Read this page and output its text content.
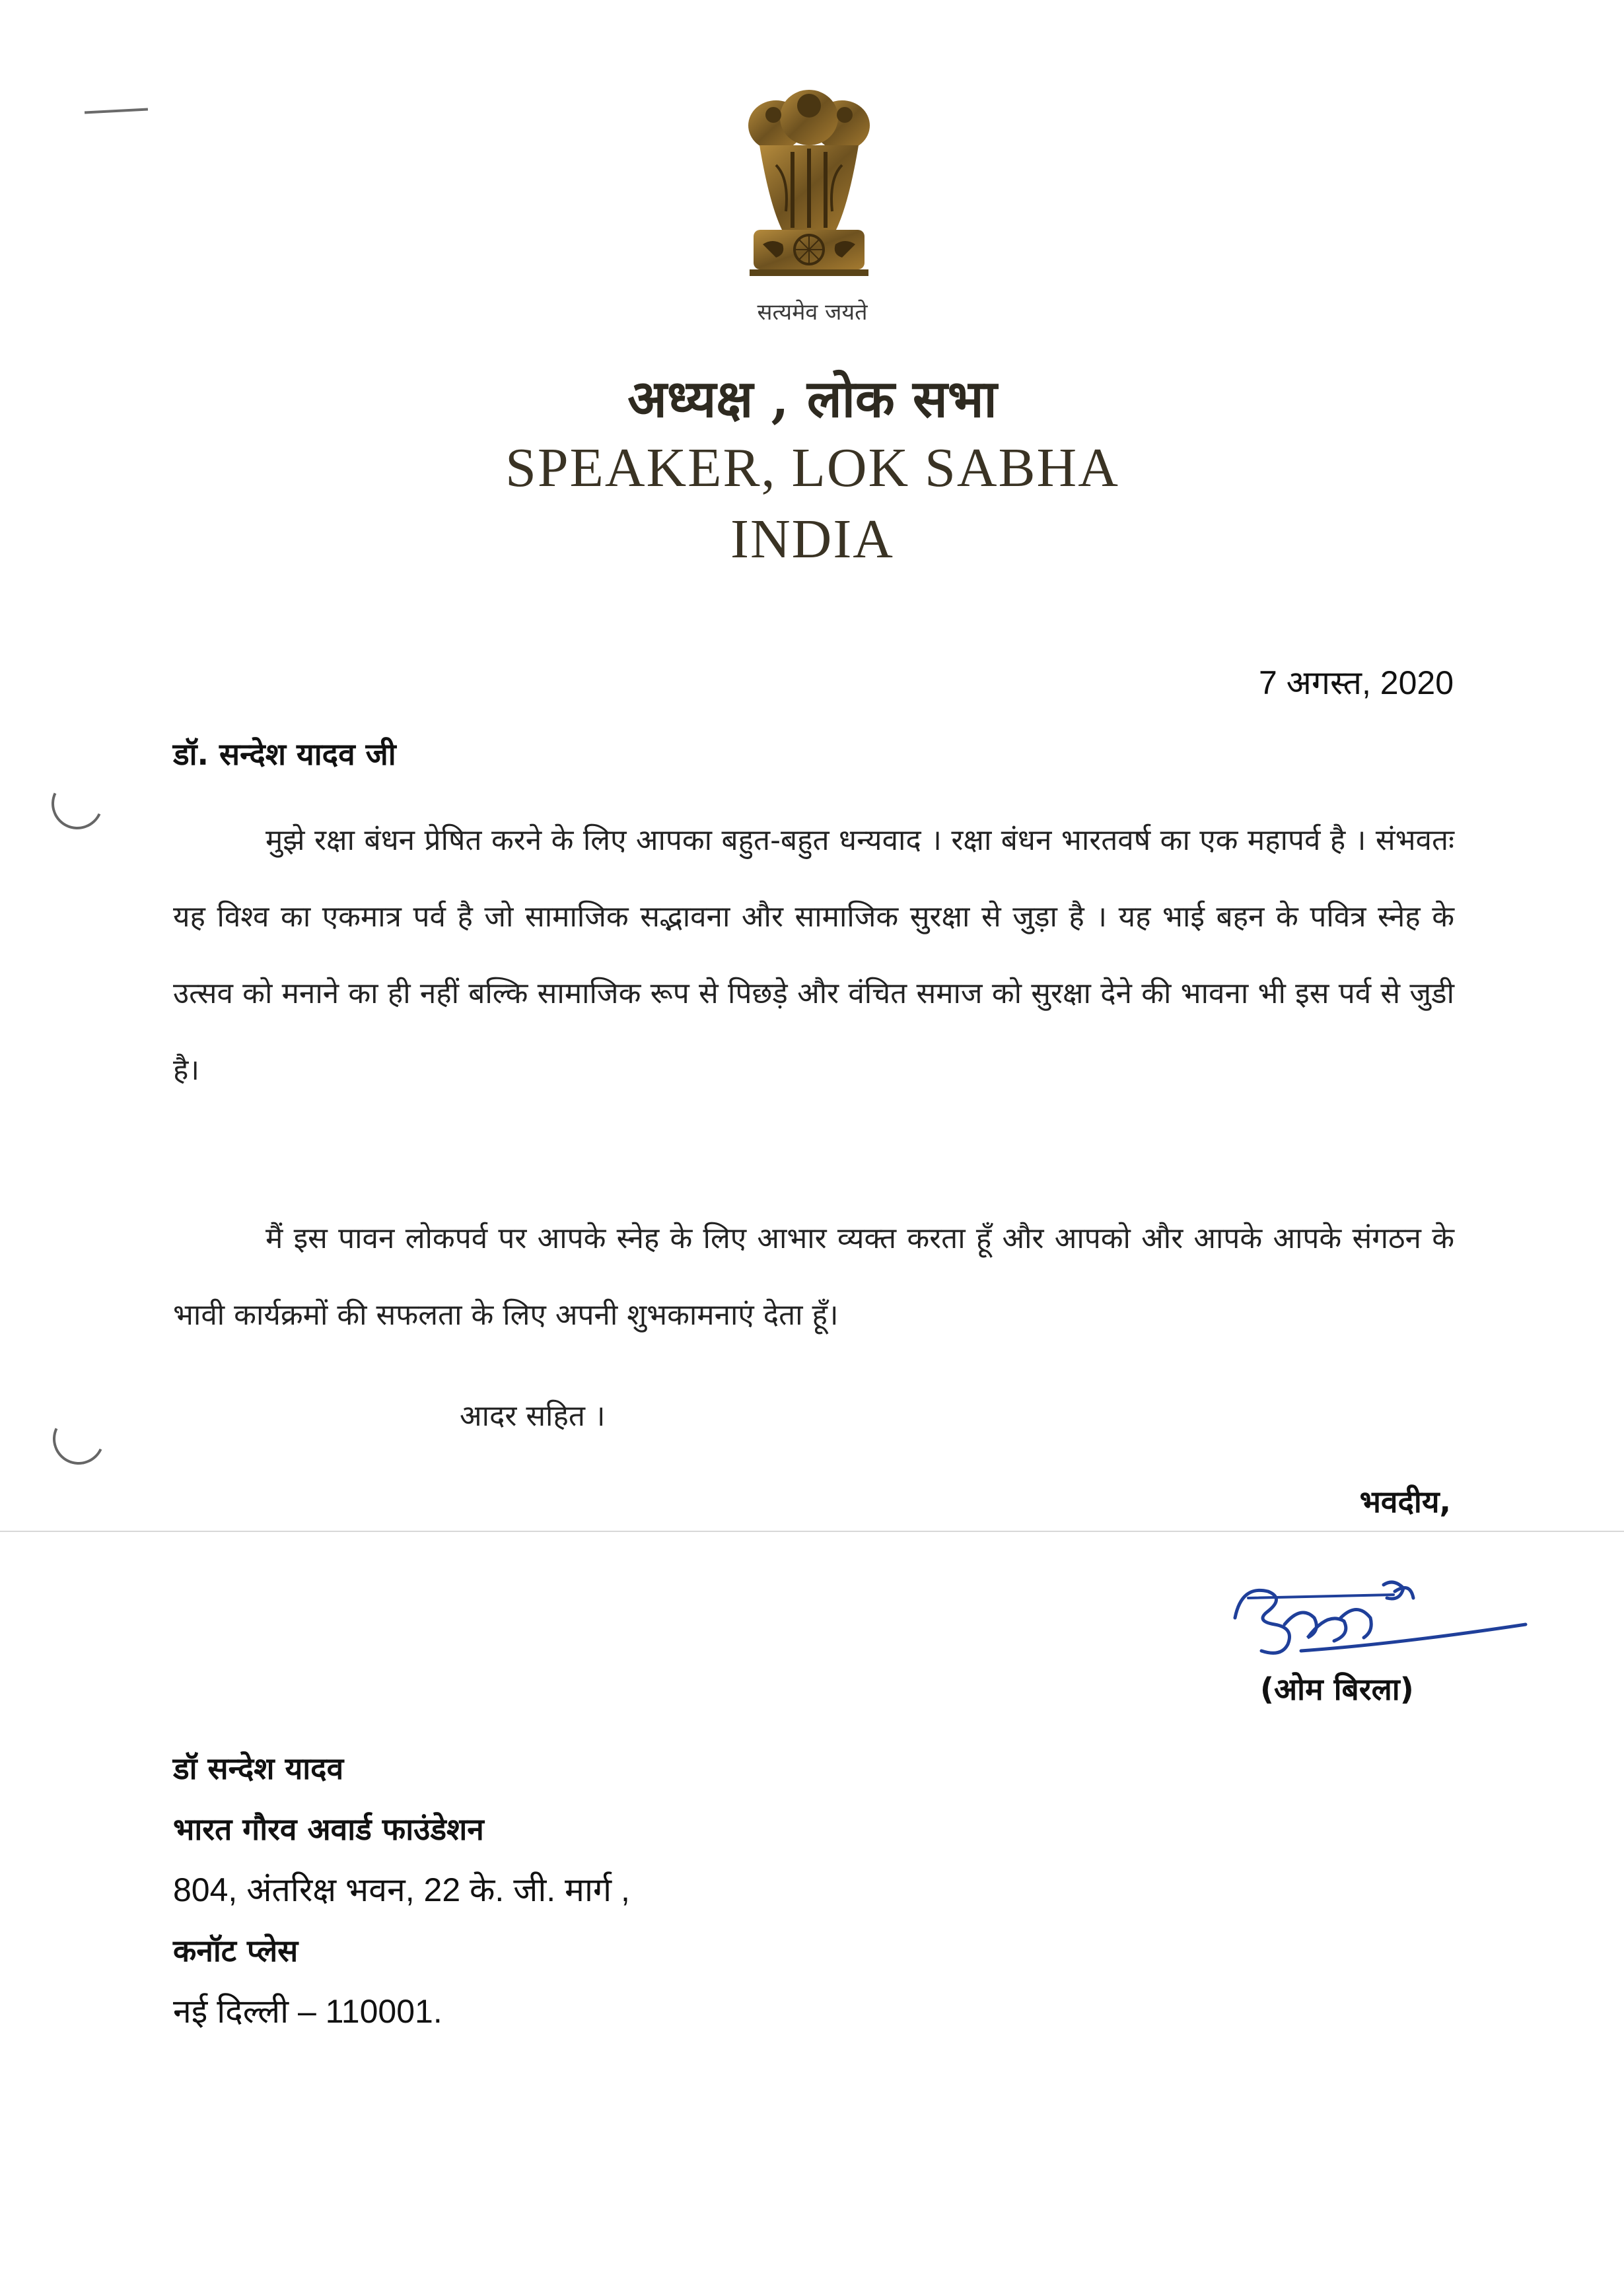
सत्यमेव जयते
अध्यक्ष , लोक सभा
SPEAKER, LOK SABHA
INDIA
7 अगस्त, 2020
डॉ. सन्देश यादव जी

मुझे रक्षा बंधन प्रेषित करने के लिए आपका बहुत-बहुत धन्यवाद । रक्षा बंधन भारतवर्ष का एक महापर्व है । संभवतः यह विश्व का एकमात्र पर्व है जो सामाजिक सद्भावना और सामाजिक सुरक्षा से जुड़ा है । यह भाई बहन के पवित्र स्नेह के उत्सव को मनाने का ही नहीं बल्कि सामाजिक रूप से पिछड़े और वंचित समाज को सुरक्षा देने की भावना भी इस पर्व से जुडी है।

मैं इस पावन लोकपर्व पर आपके स्नेह के लिए आभार व्यक्त करता हूँ और आपको और आपके आपके संगठन के भावी कार्यक्रमों की सफलता के लिए अपनी शुभकामनाएं देता हूँ।

आदर सहित ।
भवदीय,
(ओम बिरला)
डॉ सन्देश यादव
भारत गौरव अवार्ड फाउंडेशन
804, अंतरिक्ष भवन, 22 के. जी. मार्ग ,
कनॉट प्लेस
नई दिल्ली – 110001.
